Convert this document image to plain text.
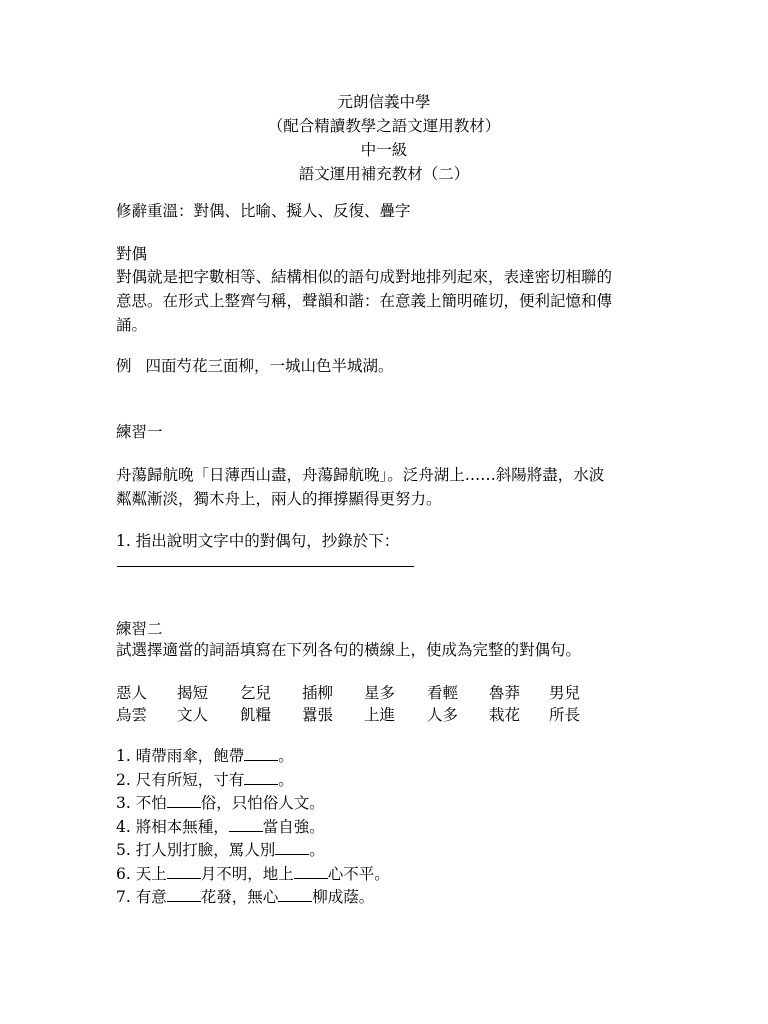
元朗信義中學
（配合精讀教學之語文運用教材）
中一級
語文運用補充教材（二）
修辭重溫：對偶、比喻、擬人、反復、疊字
對偶
對偶就是把字數相等、結構相似的語句成對地排列起來，表達密切相聯的
意思。在形式上整齊勻稱，聲韻和諧：在意義上簡明確切，便利記憶和傳
誦。
例 四面芍花三面柳，一城山色半城湖。
練習一
舟蕩歸航晚「日薄西山盡，舟蕩歸航晚」。泛舟湖上……斜陽將盡，水波
粼粼漸淡，獨木舟上，兩人的揮撐顯得更努力。
1. 指出說明文字中的對偶句，抄錄於下：
練習二
試選擇適當的詞語填寫在下列各句的橫線上，使成為完整的對偶句。
惡人 揭短 乞兒 插柳 星多 看輕 魯莽 男兒
烏雲 文人 飢糧 囂張 上進 人多 栽花 所長
1. 晴帶雨傘，飽帶 。
2. 尺有所短，寸有 。
3. 不怕 俗，只怕俗人文。
4. 將相本無種， 當自強。
5. 打人別打臉，罵人別 。
6. 天上 月不明，地上 心不平。
7. 有意 花發，無心 柳成蔭。
